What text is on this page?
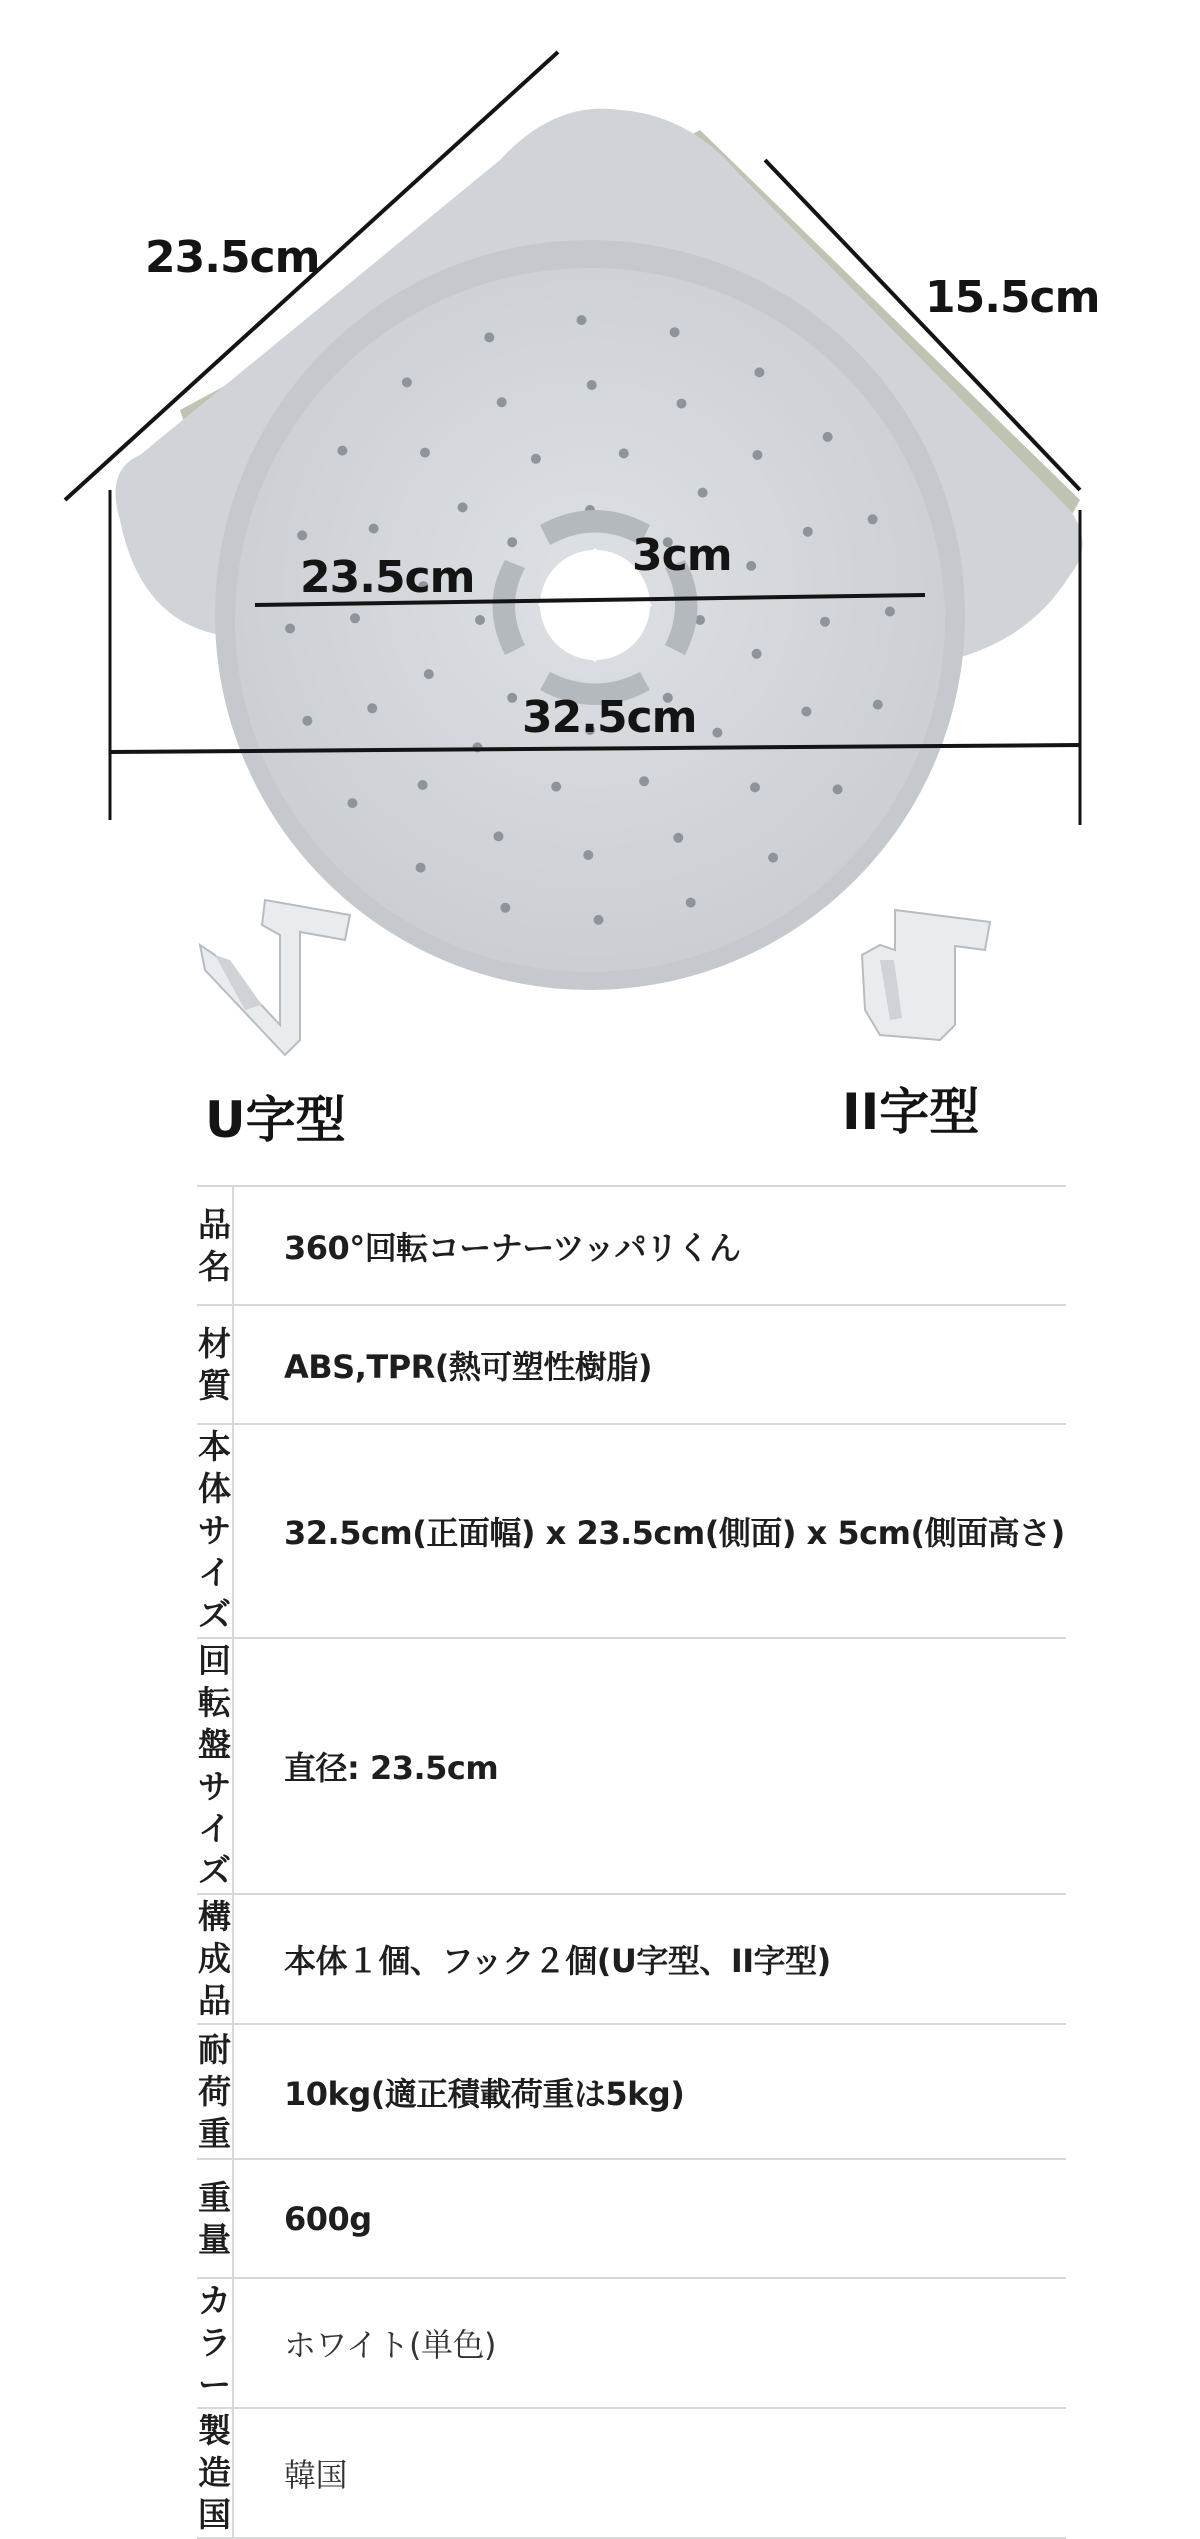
23.5cm
15.5cm
3cm
23.5cm
32.5cm
U字型	II字型
品名	360°回転コーナーツッパリくん
材質	ABS,TPR(熱可塑性樹脂)
本体
サイズ	32.5cm(正面幅) x 23.5cm(側面) x 5cm(側面高さ)
回転盤
サイズ	直径: 23.5cm
構成品	本体１個、フック２個(U字型、II字型)
耐荷重	10kg(適正積載荷重は5kg)
重量	600g
カラー	ホワイト(単色)
製造国	韓国
